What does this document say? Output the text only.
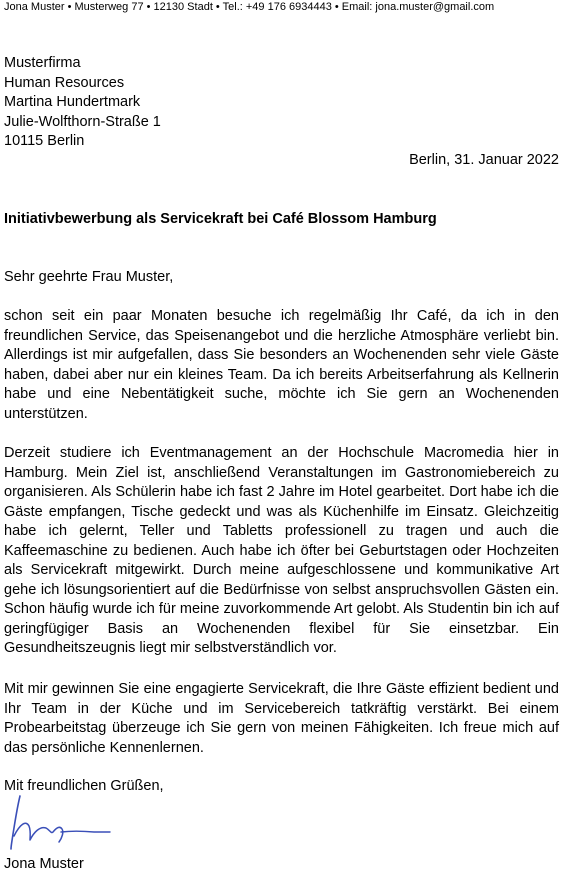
Jona Muster • Musterweg 77 • 12130 Stadt • Tel.: +49 176 6934443 • Email: jona.muster@gmail.com
Musterfirma
Human Resources
Martina Hundertmark
Julie-Wolfthorn-Straße 1
10115 Berlin
Berlin, 31. Januar 2022
Initiativbewerbung als Servicekraft bei Café Blossom Hamburg
Sehr geehrte Frau Muster,

schon seit ein paar Monaten besuche ich regelmäßig Ihr Café, da ich in den freundlichen Service, das Speisenangebot und die herzliche Atmosphäre verliebt bin. Allerdings ist mir aufgefallen, dass Sie besonders an Wochenenden sehr viele Gäste haben, dabei aber nur ein kleines Team. Da ich bereits Arbeitserfahrung als Kellnerin habe und eine Nebentätigkeit suche, möchte ich Sie gern an Wochenenden unterstützen.

Derzeit studiere ich Eventmanagement an der Hochschule Macromedia hier in Hamburg. Mein Ziel ist, anschließend Veranstaltungen im Gastronomiebereich zu organisieren. Als Schülerin habe ich fast 2 Jahre im Hotel gearbeitet. Dort habe ich die Gäste empfangen, Tische gedeckt und was als Küchenhilfe im Einsatz. Gleichzeitig habe ich gelernt, Teller und Tabletts professionell zu tragen und auch die Kaffeemaschine zu bedienen. Auch habe ich öfter bei Geburtstagen oder Hochzeiten als Servicekraft mitgewirkt. Durch meine aufgeschlossene und kommunikative Art gehe ich lösungsorientiert auf die Bedürfnisse von selbst anspruchsvollen Gästen ein. Schon häufig wurde ich für meine zuvorkommende Art gelobt. Als Studentin bin ich auf geringfügiger Basis an Wochenenden flexibel für Sie einsetzbar. Ein Gesundheitszeugnis liegt mir selbstverständlich vor.

Mit mir gewinnen Sie eine engagierte Servicekraft, die Ihre Gäste effizient bedient und Ihr Team in der Küche und im Servicebereich tatkräftig verstärkt. Bei einem Probearbeitstag überzeuge ich Sie gern von meinen Fähigkeiten. Ich freue mich auf das persönliche Kennenlernen.

Mit freundlichen Grüßen,
Jona Muster
